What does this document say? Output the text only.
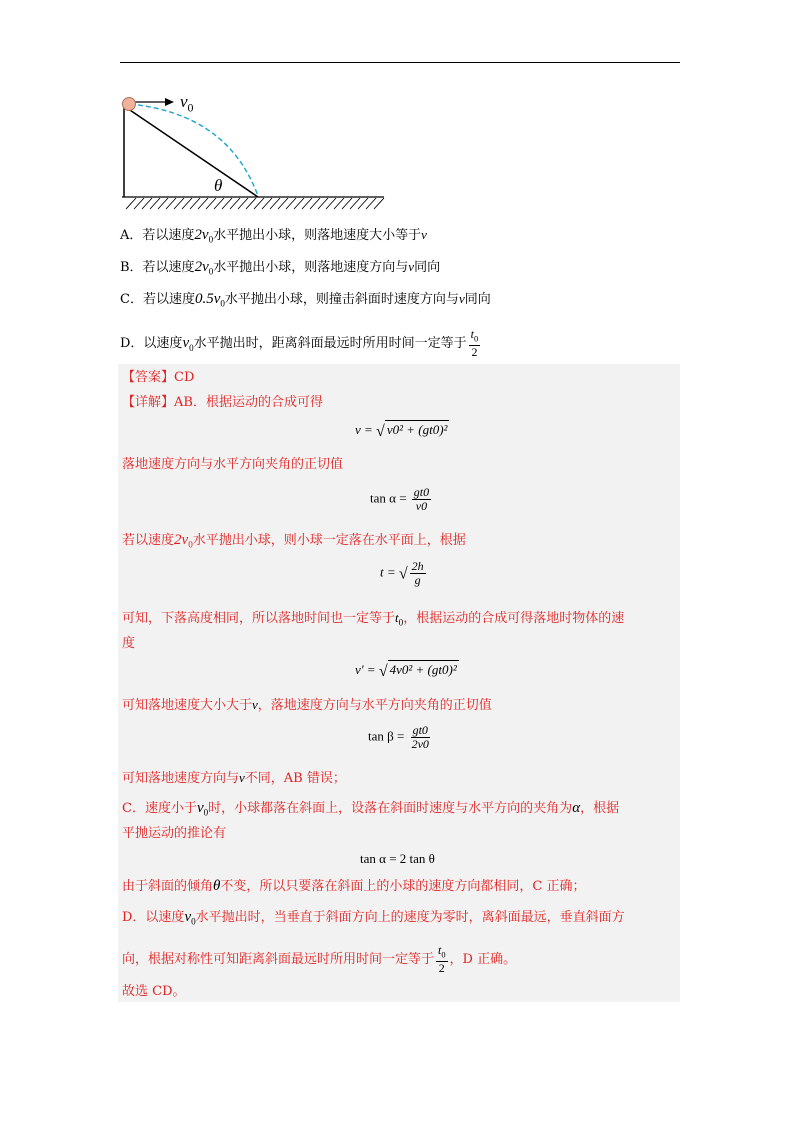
$v_0$
θ
A．若以速度$2v_0$水平抛出小球，则落地速度大小等于v
B．若以速度$2v_0$水平抛出小球，则落地速度方向与v同向
C．若以速度$0.5v_0$水平抛出小球，则撞击斜面时速度方向与v同向
D．以速度$v_0$水平抛出时，距离斜面最远时所用时间一定等于 $\frac{t_0}{2}$
【答案】CD
【详解】AB．根据运动的合成可得
v = √ v0² + (gt0)²
落地速度方向与水平方向夹角的正切值
$\tan \alpha = \frac{gt0}{v0}$
若以速度$2v_0$水平抛出小球，则小球一定落在水平面上，根据
t = √ $\frac{2h}{g}$
可知，下落高度相同，所以落地时间也一定等于$t_0$，根据运动的合成可得落地时物体的速
度
v' = √ 4v0² + (gt0)²
可知落地速度大小大于v，落地速度方向与水平方向夹角的正切值
$\tan \beta = \frac{gt0}{2v0}$
可知落地速度方向与v不同，AB 错误；
C．速度小于$v_0$时，小球都落在斜面上，设落在斜面时速度与水平方向的夹角为α，根据
平抛运动的推论有
tan α = 2 tan θ
由于斜面的倾角θ不变，所以只要落在斜面上的小球的速度方向都相同，C 正确；
D．以速度$v_0$水平抛出时，当垂直于斜面方向上的速度为零时，离斜面最远，垂直斜面方
向，根据对称性可知距离斜面最远时所用时间一定等于 $\frac{t_0}{2}$ ，D 正确。
故选 CD。
